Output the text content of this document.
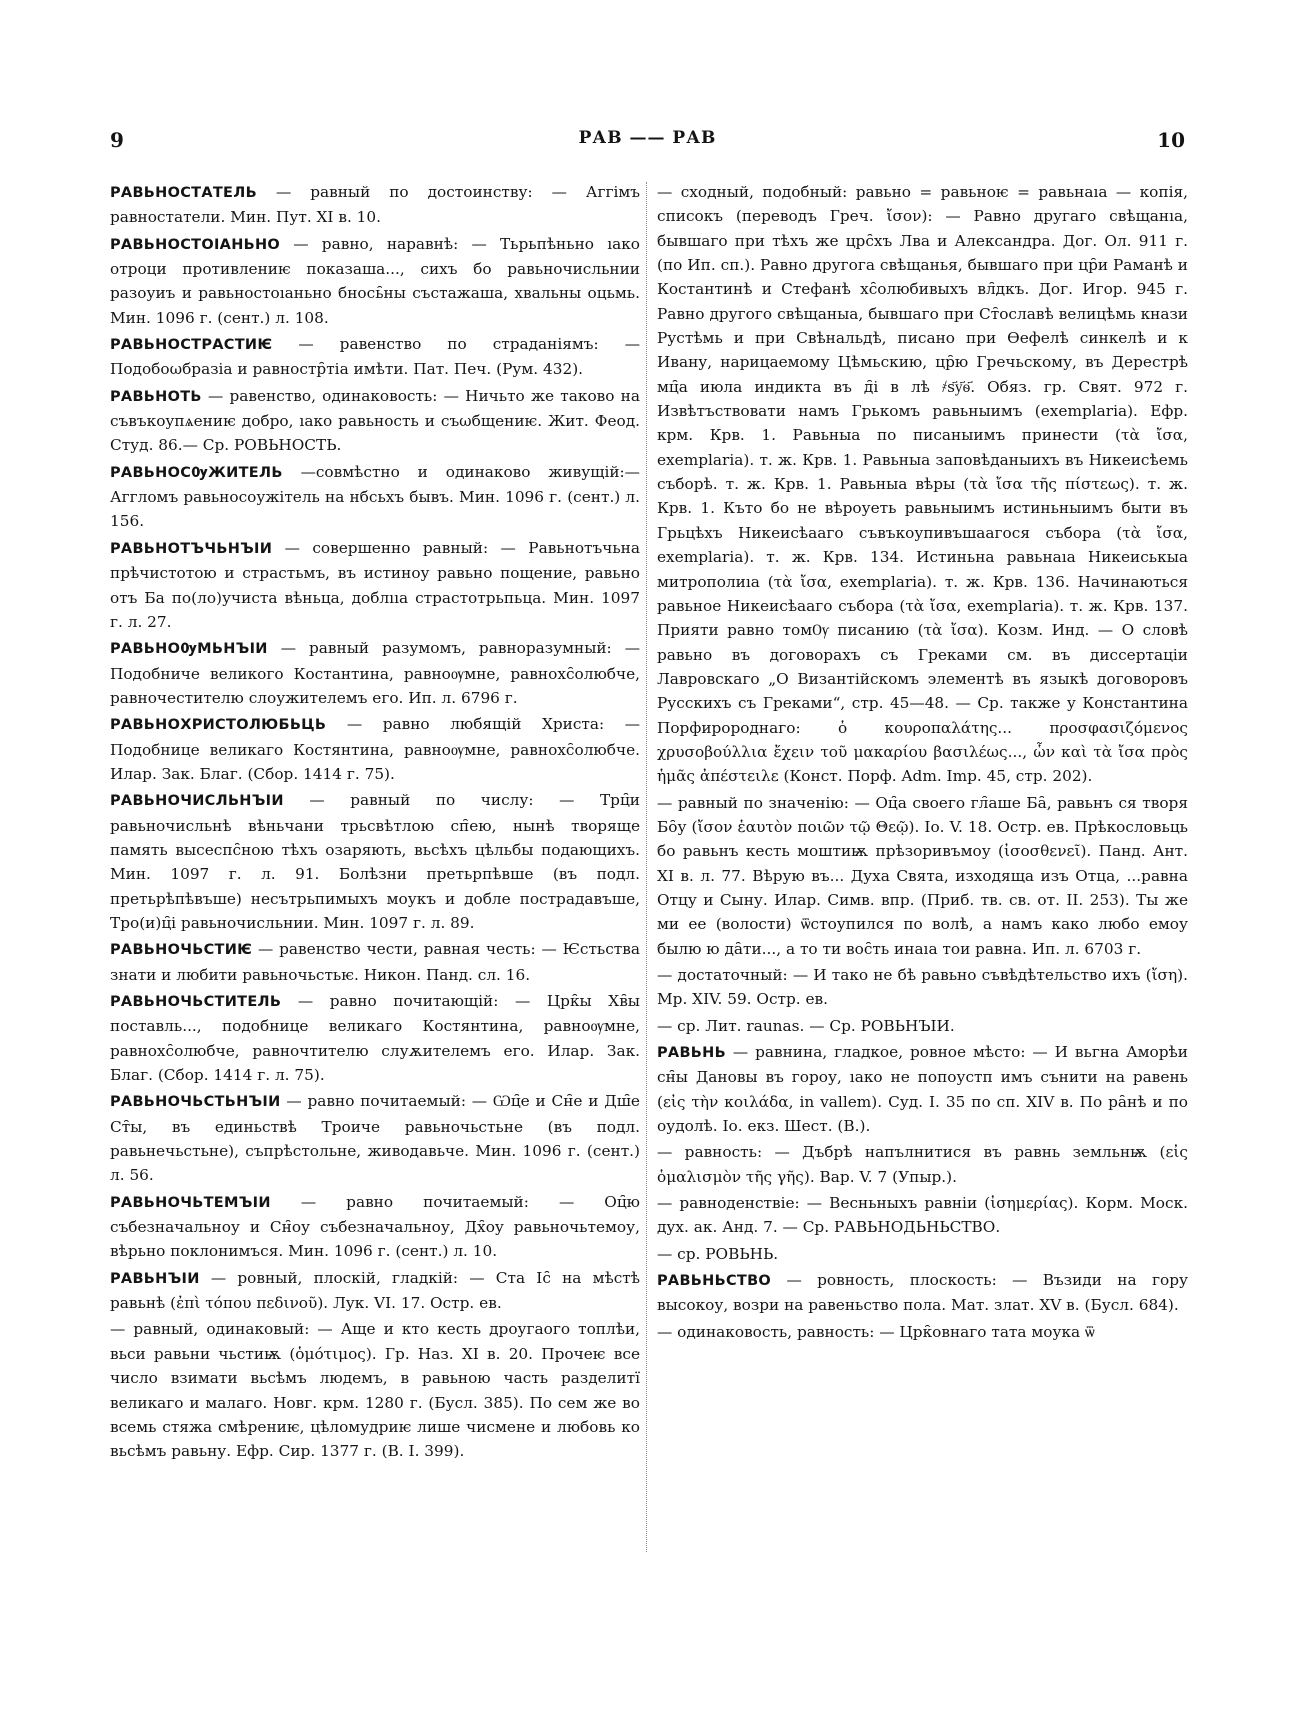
9	РАВ —— РАВ	10
РАВЬНОСТАТЕЛЬ — равный по достоинству: — Аггімъ равностатели. Мин. Пут. XI в. 10.
РАВЬНОСТОІАНЬНО — равно, наравнѣ: — Тьрьпѣньно ıако отроци противлениѥ показаша..., сихъ бо равьночисльнии разоуиъ и равьностоıаньно бнось̑ны състажаша, хвальны оцьмь. Мин. 1096 г. (сент.) л. 108.
РАВЬНОСТРАСТИѤ — равенство по страданіямъ: — Подобоωбразіа и равностр̑тіа имѣти. Пат. Печ. (Рум. 432).
РАВЬНОТЬ — равенство, одинаковость: — Ничьто же таково на съвъкоупѧениѥ добро, ıако равьность и съωбщениѥ. Жит. Феод. Студ. 86.— Ср. РОВЬНОСТЬ.
РАВЬНОСѸЖИТЕЛЬ —совмѣстно и одинаково живущій:— Аггломъ равьносоужітель на нбсьхъ бывъ. Мин. 1096 г. (сент.) л. 156.
РАВЬНОТЪЧЬНЪІИ — совершенно равный: — Равьнотъчьна прѣчистотою и страстьмъ, въ истиноу равьно пощение, равьно отъ Ба по(ло)учиста вѣньца, доблııа страстотрьпьца. Мин. 1097 г. л. 27.
РАВЬНОѸМЬНЪІИ — равный разумомъ, равноразумный: — Подобниче великого Костантина, равноѹмне, равнохс̑олюбче, равночестителю слоужителемъ его. Ип. л. 6796 г.
РАВЬНОХРИСТОЛЮБЬЦЬ — равно любящій Христа: — Подобнице великаго Костянтина, равноѹмне, равнохс̑олюбче. Илар. Зак. Благ. (Сбор. 1414 г. 75).
РАВЬНОЧИСЛЬНЪІИ — равный по числу: — Трц̑и равьночисльнѣ вѣньчани трьсвѣтлою сп̑ею, нынѣ творяще память высеспс̑ною тѣхъ озаряють, вьсѣхъ цѣльбы подающихъ. Мин. 1097 г. л. 91. Болѣзни претьрпѣвше (въ подл. претьрѣпѣвъше) несътрьпимыхъ моукъ и добле пострадавъше, Тро(и)ц̑і равьночисльнии. Мин. 1097 г. л. 89.
РАВЬНОЧЬСТИѤ — равенство чести, равная честь: — Ѥстьства знати и любити равьночьстьѥ. Никон. Панд. сл. 16.
РАВЬНОЧЬСТИТЕЛЬ — равно почитающій: — Црк̑ы Хв̑ы поставль..., подобнице великаго Костянтина, равноѹмне, равнохс̑олюбче, равночтителю слуѫителемъ его. Илар. Зак. Благ. (Сбор. 1414 г. л. 75).
РАВЬНОЧЬСТЬНЪІИ — равно почитаемый: — Ѡц̑е и Сн̑е и Дш̑е Ст̑ы, въ единьствѣ Троиче равьночьстьне (въ подл. равьнечьстьне), съпрѣстольне, живодавьче. Мин. 1096 г. (сент.) л. 56.
РАВЬНОЧЬТЕМЪІИ — равно почитаемый: — Оц̑ю събезначальноу и Сн̑оу събезначальноу, Дх̑оу равьночьтемоу, вѣрьно поклонимъся. Мин. 1096 г. (сент.) л. 10.
РАВЬНЪІИ — ровный, плоскій, гладкій: — Ста Іс̑ на мѣстѣ равьнѣ (ἐπὶ τόπου πεδινοῦ). Лук. VI. 17. Остр. ев.
— равный, одинаковый: — Аще и кто кесть дроугаого топлѣи, вьси равьни чьстиѭ (ὁμότιμος). Гр. Наз. XI в. 20. Прочеѥ все число взимати вьсѣмъ людемъ, в равьною часть разделитї великаго и малаго. Новг. крм. 1280 г. (Бусл. 385). По сем же во всемь стяжа смѣрениѥ, цѣломудриѥ лише чисмене и любовь ко вьсѣмъ равьну. Ефр. Сир. 1377 г. (В. I. 399).
— сходный, подобный: равьно = равьноѥ = равьнаıа — копія, списокъ (переводъ Греч. ἴσον): — Равно другаго свѣщанıа, бывшаго при тѣхъ же црс̑хъ Лва и Александра. Дог. Ол. 911 г. (по Ип. сп.). Равно другога свѣщанья, бывшаго при цр̑и Раманѣ и Костантинѣ и Стефанѣ хс̑олюбивыхъ вл̑дкъ. Дог. Игор. 945 г. Равно другого свѣщаныа, бывшаго при Ст̑ославѣ велицѣмь кнази Рустѣмь и при Свѣнальдѣ, писано при Ѳефелѣ синкелѣ и к Ивану, нарицаемому Цѣмьскию, цр̑ю Гречьскому, въ Дерестрѣ мц̑а июла индикта въ д̑і в лѣ ҂s҃у҃ѳ҃. Обяз. гр. Свят. 972 г. Извѣтъствовати намъ Грькомъ равьныимъ (exemplaria). Ефр. крм. Крв. 1. Равьныа по писаныимъ принести (τὰ ἴσα, exemplaria). т. ж. Крв. 1. Равьныа заповѣданыихъ въ Никеисѣемь съборѣ. т. ж. Крв. 1. Равьныа вѣры (τὰ ἴσα τῆς πίστεως). т. ж. Крв. 1. Къто бо не вѣроуеть равьныимъ истиньныимъ быти въ Грьцѣхъ Никеисѣааго съвъкоупивъшаагося събора (τὰ ἴσα, exemplaria). т. ж. Крв. 134. Истиньна равьнаıа Никеиськыа митрополиıа (τὰ ἴσα, exemplaria). т. ж. Крв. 136. Начинаються равьное Никеисѣааго събора (τὰ ἴσα, exemplaria). т. ж. Крв. 137. Прияти равно томѸ писанию (τὰ ἴσα). Козм. Инд. — О словѣ равьно въ договорахъ съ Греками см. въ диссертаціи Лавровскаго „О Византійскомъ элементѣ въ языкѣ договоровъ Русскихъ съ Греками“, стр. 45—48. — Ср. также у Константина Порфиророднаго: ὁ κουροπαλάτης... προσφασιζόμενος χρυσοβούλλια ἔχειν τοῦ μακαρίου βασιλέως..., ὧν καὶ τὰ ἴσα πρὸς ἡμᾶς ἀπέστειλε (Конст. Порф. Adm. Imp. 45, стр. 202).
— равный по значенію: — Оц̑а своего гл̑аше Ба̑, равьнъ ся творя Бо̑у (ἴσον ἑαυτὸν ποιῶν τῷ Θεῷ). Іо. V. 18. Остр. ев. Прѣкословьць бо равьнъ кесть моштиѭ прѣзоривъмоу (ἰσοσθενεῖ). Панд. Ант. XI в. л. 77. Вѣрую въ... Духа Свята, изходяща изъ Отца, ...равна Отцу и Сыну. Илар. Симв. впр. (Приб. тв. св. от. II. 253). Ты же ми ее (волости) ѿстоупился по волѣ, а намъ како любо емоу былю ю да̑ти..., а то ти вос̑ть инаıа тои равна. Ип. л. 6703 г.
— достаточный: — И тако не бѣ равьно съвѣдѣтельство ихъ (ἴση). Мр. XIV. 59. Остр. ев.
— ср. Лит. raunas. — Ср. РОВЬНЪІИ.
РАВЬНЬ — равнина, гладкое, ровное мѣсто: — И вьгна Аморѣи сн̑ы Дановы въ гороу, ıако не попоустп имъ сънити на равень (εἰς τὴν κοιλάδα, in vallem). Суд. I. 35 по сп. XIV в. По ра̑нѣ и по оудолѣ. Іо. екз. Шест. (В.).
— равность: — Дъбрѣ напълнитися въ равнь земльнѭ (εἰς ὁμαλισμὸν τῆς γῆς). Вар. V. 7 (Упыр.).
— равноденствіе: — Весньныхъ равніи (ἰσημερίας). Корм. Моск. дух. ак. Анд. 7. — Ср. РАВЬНОДЬНЬСТВО.
— ср. РОВЬНЬ.
РАВЬНЬСТВО — ровность, плоскость: — Възиди на гору высокоу, возри на равеньство пола. Мат. злат. XV в. (Бусл. 684).
— одинаковость, равность: — Црк̑овнаго тата моука ѿ
